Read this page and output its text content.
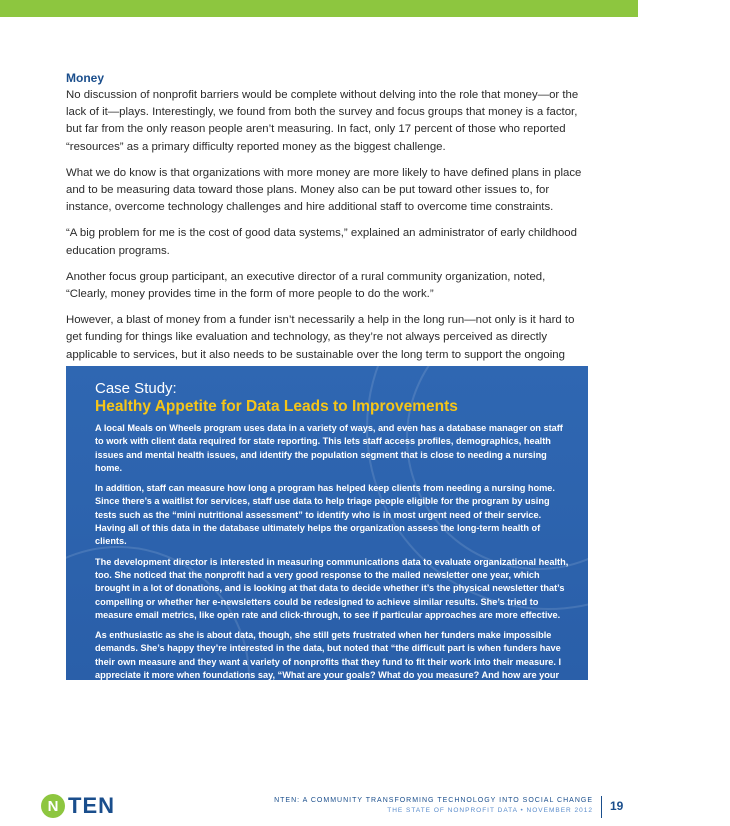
Money

No discussion of nonprofit barriers would be complete without delving into the role that money—or the lack of it—plays. Interestingly, we found from both the survey and focus groups that money is a factor, but far from the only reason people aren’t measuring. In fact, only 17 percent of those who reported “resources” as a primary difficulty reported money as the biggest challenge.

What we do know is that organizations with more money are more likely to have defined plans in place and to be measuring data toward those plans. Money also can be put toward other issues to, for instance, overcome technology challenges and hire additional staff to overcome time constraints.

“A big problem for me is the cost of good data systems,” explained an administrator of early childhood education programs.

Another focus group participant, an executive director of a rural community organization, noted, “Clearly, money provides time in the form of more people to do the work.”

However, a blast of money from a funder isn’t necessarily a help in the long run—not only is it hard to get funding for things like evaluation and technology, as they’re not always perceived as directly applicable to services, but it also needs to be sustainable over the long term to support the ongoing

Case Study:
Healthy Appetite for Data Leads to Improvements

A local Meals on Wheels program uses data in a variety of ways, and even has a database manager on staff to work with client data required for state reporting. This lets staff access profiles, demographics, health issues and mental health issues, and identify the population segment that is close to needing a nursing home.

In addition, staff can measure how long a program has helped keep clients from needing a nursing home. Since there’s a waitlist for services, staff use data to help triage people eligible for the program by using tests such as the “mini nutritional assessment” to identify who is in most urgent need of their service. Having all of this data in the database ultimately helps the organization assess the long-term health of clients.

The development director is interested in measuring communications data to evaluate organizational health, too. She noticed that the nonprofit had a very good response to the mailed newsletter one year, which brought in a lot of donations, and is looking at that data to decide whether it’s the physical newsletter that’s compelling or whether her e-newsletters could be redesigned to achieve similar results. She’s tried to measure email metrics, like open rate and click-through, to see if particular approaches are more effective.

As enthusiastic as she is about data, though, she still gets frustrated when her funders make impossible demands. She’s happy they’re interested in the data, but noted that “the difficult part is when funders have their own measure and they want a variety of nonprofits that they fund to fit their work into their measure. I appreciate it more when foundations say, “What are your goals? What do you measure? And how are your results?... instead of only fitting it into the funder’s mold.”

N TEN	NTEN: A COMMUNITY TRANSFORMING TECHNOLOGY INTO SOCIAL CHANGE
THE STATE OF NONPROFIT DATA • NOVEMBER 2012 19
